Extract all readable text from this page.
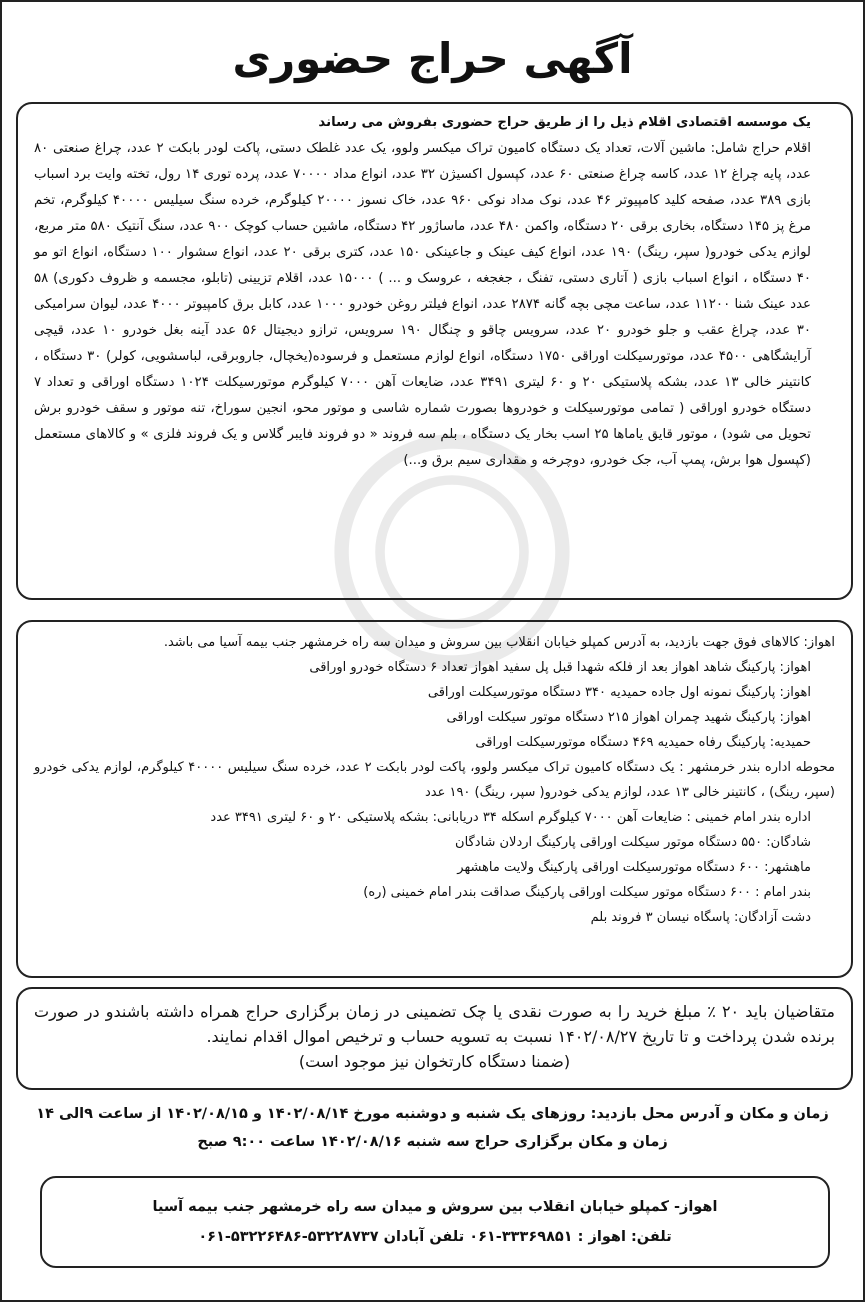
آگهی حراج حضوری

یک موسسه اقتصادی اقلام ذیل را از طریق حراج حضوری بفروش می رساند

اقلام حراج شامل: ماشین آلات، تعداد یک دستگاه کامیون تراک میکسر ولوو، یک عدد غلطک دستی، پاکت لودر بابکت ۲ عدد، چراغ صنعتی ۸۰ عدد، پایه چراغ ۱۲ عدد، کاسه چراغ صنعتی ۶۰ عدد، کپسول اکسیژن ۳۲ عدد، انواع مداد ۷۰۰۰۰ عدد، پرده توری ۱۴ رول، تخته وایت برد اسباب بازی ۳۸۹ عدد، صفحه کلید کامپیوتر ۴۶ عدد، نوک مداد نوکی ۹۶۰ عدد، خاک نسوز ۲۰۰۰۰ کیلوگرم، خرده سنگ سیلیس ۴۰۰۰۰ کیلوگرم، تخم مرغ پز ۱۴۵ دستگاه، بخاری برقی ۲۰ دستگاه، واکمن ۴۸۰ عدد، ماساژور ۴۲ دستگاه، ماشین حساب کوچک ۹۰۰ عدد، سنگ آنتیک ۵۸۰ متر مربع، لوازم یدکی خودرو( سپر، رینگ) ۱۹۰ عدد، انواع کیف عینک و جاعینکی ۱۵۰ عدد، کتری برقی ۲۰ عدد، انواع سشوار ۱۰۰ دستگاه، انواع اتو مو ۴۰ دستگاه ، انواع اسباب بازی ( آتاری دستی، تفنگ ، جغجغه ، عروسک و ... ) ۱۵۰۰۰ عدد، اقلام تزیینی (تابلو، مجسمه و ظروف دکوری) ۵۸ عدد عینک شنا ۱۱۲۰۰ عدد، ساعت مچی بچه گانه ۲۸۷۴ عدد، انواع فیلتر روغن خودرو ۱۰۰۰ عدد، کابل برق کامپیوتر ۴۰۰۰ عدد، لیوان سرامیکی ۳۰ عدد، چراغ عقب و جلو خودرو ۲۰ عدد، سرویس چاقو و چنگال ۱۹۰ سرویس، ترازو دیجیتال ۵۶ عدد آینه بغل خودرو ۱۰ عدد، قیچی آرایشگاهی ۴۵۰۰ عدد، موتورسیکلت اوراقی ۱۷۵۰ دستگاه، انواع لوازم مستعمل و فرسوده(یخچال، جاروبرقی، لباسشویی، کولر) ۳۰ دستگاه ، کانتینر خالی ۱۳ عدد، بشکه پلاستیکی ۲۰ و ۶۰ لیتری ۳۴۹۱ عدد، ضایعات آهن ۷۰۰۰ کیلوگرم موتورسیکلت ۱۰۲۴ دستگاه اوراقی و تعداد ۷ دستگاه خودرو اوراقی ( تمامی موتورسیکلت و خودروها بصورت شماره شاسی و موتور محو، انجین سوراخ، تنه موتور و سقف خودرو برش تحویل می شود) ، موتور قایق یاماها ۲۵ اسب بخار یک دستگاه ، بلم سه فروند « دو فروند فایبر گلاس و یک فروند فلزی » و کالاهای مستعمل (کپسول هوا برش، پمپ آب، جک خودرو، دوچرخه و مقداری سیم برق و...)

اهواز: کالاهای فوق جهت بازدید، به آدرس کمپلو خیابان انقلاب بین سروش و میدان سه راه خرمشهر جنب بیمه آسیا می باشد.

اهواز: پارکینگ شاهد اهواز بعد از فلکه شهدا قبل پل سفید اهواز تعداد ۶ دستگاه خودرو اوراقی

اهواز: پارکینگ نمونه اول جاده حمیدیه ۳۴۰ دستگاه موتورسیکلت اوراقی

اهواز: پارکینگ شهید چمران اهواز ۲۱۵ دستگاه موتور سیکلت اوراقی

حمیدیه: پارکینگ رفاه حمیدیه ۴۶۹ دستگاه موتورسیکلت اوراقی

محوطه اداره بندر خرمشهر : یک دستگاه کامیون تراک میکسر ولوو، پاکت لودر بابکت ۲ عدد، خرده سنگ سیلیس ۴۰۰۰۰ کیلوگرم، لوازم یدکی خودرو (سپر، رینگ) ، کانتینر خالی ۱۳ عدد، لوازم یدکی خودرو( سپر، رینگ) ۱۹۰ عدد

اداره بندر امام خمینی : ضایعات آهن ۷۰۰۰ کیلوگرم اسکله ۳۴ دریابانی: بشکه پلاستیکی ۲۰ و ۶۰ لیتری ۳۴۹۱ عدد

شادگان: ۵۵۰ دستگاه موتور سیکلت اوراقی پارکینگ اردلان شادگان

ماهشهر: ۶۰۰ دستگاه موتورسیکلت اوراقی پارکینگ ولایت ماهشهر

بندر امام : ۶۰۰ دستگاه موتور سیکلت اوراقی پارکینگ صداقت بندر امام خمینی (ره)

دشت آزادگان: پاسگاه نیسان ۳ فروند بلم

متقاضیان باید ۲۰ ٪ مبلغ خرید را به صورت نقدی یا چک تضمینی در زمان برگزاری حراج همراه داشته باشندو در صورت برنده شدن پرداخت و تا تاریخ ۱۴۰۲/۰۸/۲۷ نسبت به تسویه حساب و ترخیص اموال اقدام نمایند.

(ضمنا دستگاه کارتخوان نیز موجود است)

زمان و مکان و آدرس محل بازدید: روزهای یک شنبه و دوشنبه مورخ ۱۴۰۲/۰۸/۱۴ و ۱۴۰۲/۰۸/۱۵ از ساعت ۹الی ۱۴
زمان و مکان برگزاری حراج سه شنبه ۱۴۰۲/۰۸/۱۶ ساعت ۹:۰۰ صبح
اهواز- کمپلو خیابان انقلاب بین سروش و میدان سه راه خرمشهر جنب بیمه آسیا
تلفن: اهواز : ۳۳۳۶۹۸۵۱-۰۶۱ تلفن آبادان ۵۳۲۲۸۷۳۷-۵۳۲۲۶۴۸۶-۰۶۱
